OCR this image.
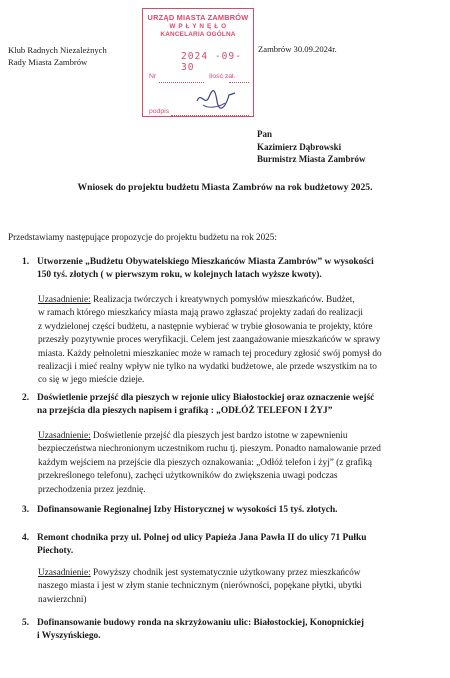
Klub Radnych Niezależnych
Rady Miasta Zambrów
URZĄD MIASTA ZAMBRÓW
W P Ł Y N Ę Ł O
KANCELARIA OGÓLNA
2024 -09- 30
Nr	Ilość zał.
podpis
Zambrów 30.09.2024r.
Pan
Kazimierz Dąbrowski
Burmistrz Miasta Zambrów
Wniosek do projektu budżetu Miasta Zambrów na rok budżetowy 2025.
Przedstawiamy następujące propozycje do projektu budżetu na rok 2025:
1. Utworzenie „Budżetu Obywatelskiego Mieszkańców Miasta Zambrów” w wysokości
150 tyś. złotych ( w pierwszym roku, w kolejnych latach wyższe kwoty).
Uzasadnienie: Realizacja twórczych i kreatywnych pomysłów mieszkańców. Budżet,
w ramach którego mieszkańcy miasta mają prawo zgłaszać projekty zadań do realizacji
z wydzielonej części budżetu, a następnie wybierać w trybie głosowania te projekty, które
przeszły pozytywnie proces weryfikacji. Celem jest zaangażowanie mieszkańców w sprawy
miasta. Każdy pełnoletni mieszkaniec może w ramach tej procedury zgłosić swój pomysł do
realizacji i mieć realny wpływ nie tylko na wydatki budżetowe, ale przede wszystkim na to
co się w jego mieście dzieje.
2. Doświetlenie przejść dla pieszych w rejonie ulicy Białostockiej oraz oznaczenie wejść
na przejścia dla pieszych napisem i grafiką : „ODŁÓŻ TELEFON I ŻYJ”
Uzasadnienie: Doświetlenie przejść dla pieszych jest bardzo istotne w zapewnieniu
bezpieczeństwa niechronionym uczestnikom ruchu tj. pieszym. Ponadto namalowanie przed
każdym wejściem na przejście dla pieszych oznakowania: „Odłóż telefon i żyj” (z grafiką
przekreślonego telefonu), zachęci użytkowników do zwiększenia uwagi podczas
przechodzenia przez jezdnię.
3. Dofinansowanie Regionalnej Izby Historycznej w wysokości 15 tyś. złotych.
4. Remont chodnika przy ul. Polnej od ulicy Papieża Jana Pawła II do ulicy 71 Pułku
Piechoty.
Uzasadnienie: Powyższy chodnik jest systematycznie użytkowany przez mieszkańców
naszego miasta i jest w złym stanie technicznym (nierówności, popękane płytki, ubytki
nawierzchni)
5. Dofinansowanie budowy ronda na skrzyżowaniu ulic: Białostockiej, Konopnickiej
i Wyszyńskiego.
